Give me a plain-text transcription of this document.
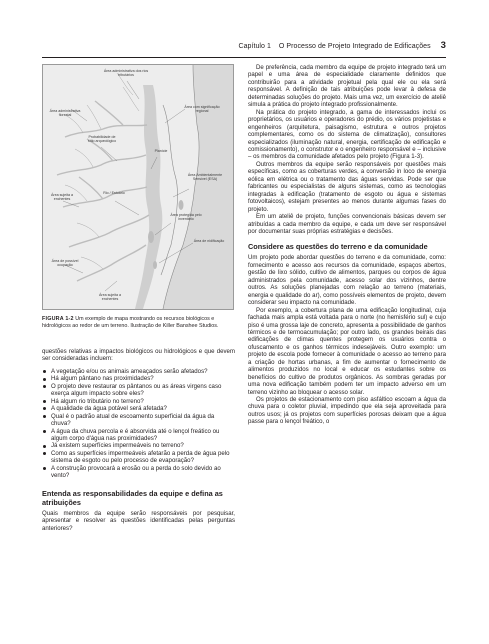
Capítulo 1
O Processo de Projeto Integrado de Edificações 3
Área administrativa dos rios tributários
Área administrativa florestal
Área com significação regional
Probabilidade de sítio arqueológico
Planície
Área Ambientalmente Sensível (ESA)
Área sujeita a enchentes
Rio / Estuário
Área protegida pelo inventário
Área de nidificação
Área de possível ocupação
Área sujeita a enchentes
FIGURA 1-2 Um exemplo de mapa mostrando os recursos biológicos e hidrológicos ao redor de um terreno. Ilustração de Killer Banshee Studios.

questões relativas a impactos biológicos ou hidrológicos e que devem ser consideradas incluem:

A vegetação e/ou os animais ameaçados serão afetados?
Há algum pântano nas proximidades?
O projeto deve restaurar os pântanos ou as áreas virgens caso exerça algum impacto sobre eles?
Há algum rio tributário no terreno?
A qualidade da água potável será afetada?
Qual é o padrão atual de escoamento superficial da água da chuva?
A água da chuva percola e é absorvida até o lençol freático ou algum corpo d'água nas proximidades?
Já existem superfícies impermeáveis no terreno?
Como as superfícies impermeáveis afetarão a perda de água pelo sistema de esgoto ou pelo processo de evaporação?
A construção provocará a erosão ou a perda do solo devido ao vento?
Entenda as responsabilidades da equipe e defina as atribuições

Quais membros da equipe serão responsáveis por pesquisar, apresentar e resolver as questões identificadas pelas perguntas anteriores?

De preferência, cada membro da equipe de projeto integrado terá um papel e uma área de especialidade claramente definidos que contribuirão para a atividade projetual pela qual ele ou ela será responsável. A definição de tais atribuições pode levar à defesa de determinadas soluções do projeto. Mais uma vez, um exercício de ateliê simula a prática do projeto integrado profissionalmente.

Na prática do projeto integrado, a gama de interessados inclui os proprietários, os usuários e operadores do prédio, os vários projetistas e engenheiros (arquitetura, paisagismo, estrutura e outros projetos complementares, como os do sistema de climatização), consultores especializados (iluminação natural, energia, certificação de edificação e comissionamento), o construtor e o engenheiro responsável e – inclusive – os membros da comunidade afetados pelo projeto (Figura 1-3).

Outros membros da equipe serão responsáveis por questões mais específicas, como as coberturas verdes, a conversão in loco de energia eólica em elétrica ou o tratamento das águas servidas. Pode ser que fabricantes ou especialistas de alguns sistemas, como as tecnologias integradas à edificação (tratamento de esgoto ou água e sistemas fotovoltaicos), estejam presentes ao menos durante algumas fases do projeto.

Em um ateliê de projeto, funções convencionais básicas devem ser atribuídas a cada membro da equipe, e cada um deve ser responsável por documentar suas próprias estratégias e decisões.

Considere as questões do terreno e da comunidade

Um projeto pode abordar questões do terreno e da comunidade, como: fornecimento e acesso aos recursos da comunidade, espaços abertos, gestão de lixo sólido, cultivo de alimentos, parques ou corpos de água administrados pela comunidade, acesso solar dos vizinhos, dentre outros. As soluções planejadas com relação ao terreno (materiais, energia e qualidade do ar), como possíveis elementos de projeto, devem considerar seu impacto na comunidade.

Por exemplo, a cobertura plana de uma edificação longitudinal, cuja fachada mais ampla está voltada para o norte (no hemisfério sul) e cujo piso é uma grossa laje de concreto, apresenta a possibilidade de ganhos térmicos e de termoacumulação; por outro lado, os grandes beirais das edificações de climas quentes protegem os usuários contra o ofuscamento e os ganhos térmicos indesejáveis. Outro exemplo: um projeto de escola pode fornecer à comunidade o acesso ao terreno para a criação de hortas urbanas, a fim de aumentar o fornecimento de alimentos produzidos no local e educar os estudantes sobre os benefícios do cultivo de produtos orgânicos. As sombras geradas por uma nova edificação também podem ter um impacto adverso em um terreno vizinho ao bloquear o acesso solar.

Os projetos de estacionamento com piso asfáltico escoam a água da chuva para o coletor pluvial, impedindo que ela seja aproveitada para outros usos; já os projetos com superfícies porosas deixam que a água passe para o lençol freático, o
